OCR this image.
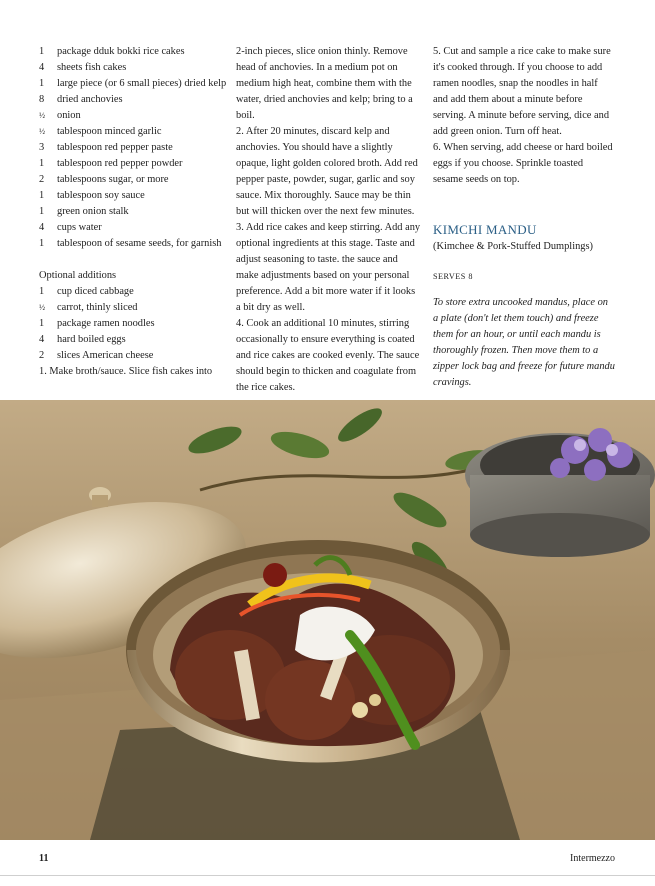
1	package dduk bokki rice cakes
4	sheets fish cakes
1	large piece (or 6 small pieces) dried kelp
8	dried anchovies
½	onion
½	tablespoon minced garlic
3	tablespoon red pepper paste
1	tablespoon red pepper powder
2	tablespoons sugar, or more
1	tablespoon soy sauce
1	green onion stalk
4	cups water
1	tablespoon of sesame seeds, for garnish
Optional additions
1	cup diced cabbage
½	carrot, thinly sliced
1	package ramen noodles
4	hard boiled eggs
2	slices American cheese

1. Make broth/sauce. Slice fish cakes into

2-inch pieces, slice onion thinly. Remove head of anchovies. In a medium pot on medium high heat, combine them with the water, dried anchovies and kelp; bring to a boil.

2. After 20 minutes, discard kelp and anchovies. You should have a slightly opaque, light golden colored broth. Add red pepper paste, powder, sugar, garlic and soy sauce. Mix thoroughly. Sauce may be thin but will thicken over the next few minutes.

3. Add rice cakes and keep stirring. Add any optional ingredients at this stage. Taste and adjust seasoning to taste. the sauce and make adjustments based on your personal preference. Add a bit more water if it looks a bit dry as well.

4. Cook an additional 10 minutes, stirring occasionally to ensure everything is coated and rice cakes are cooked evenly. The sauce should begin to thicken and coagulate from the rice cakes.

5. Cut and sample a rice cake to make sure it's cooked through. If you choose to add ramen noodles, snap the noodles in half and add them about a minute before serving. A minute before serving, dice and add green onion. Turn off heat.

6. When serving, add cheese or hard boiled eggs if you choose. Sprinkle toasted sesame seeds on top.

KIMCHI MANDU

(Kimchee & Pork-Stuffed Dumplings)

SERVES 8

To store extra uncooked mandus, place on a plate (don't let them touch) and freeze them for an hour, or until each mandu is thoroughly frozen. Then move them to a zipper lock bag and freeze for future mandu cravings.

11	Intermezzo
